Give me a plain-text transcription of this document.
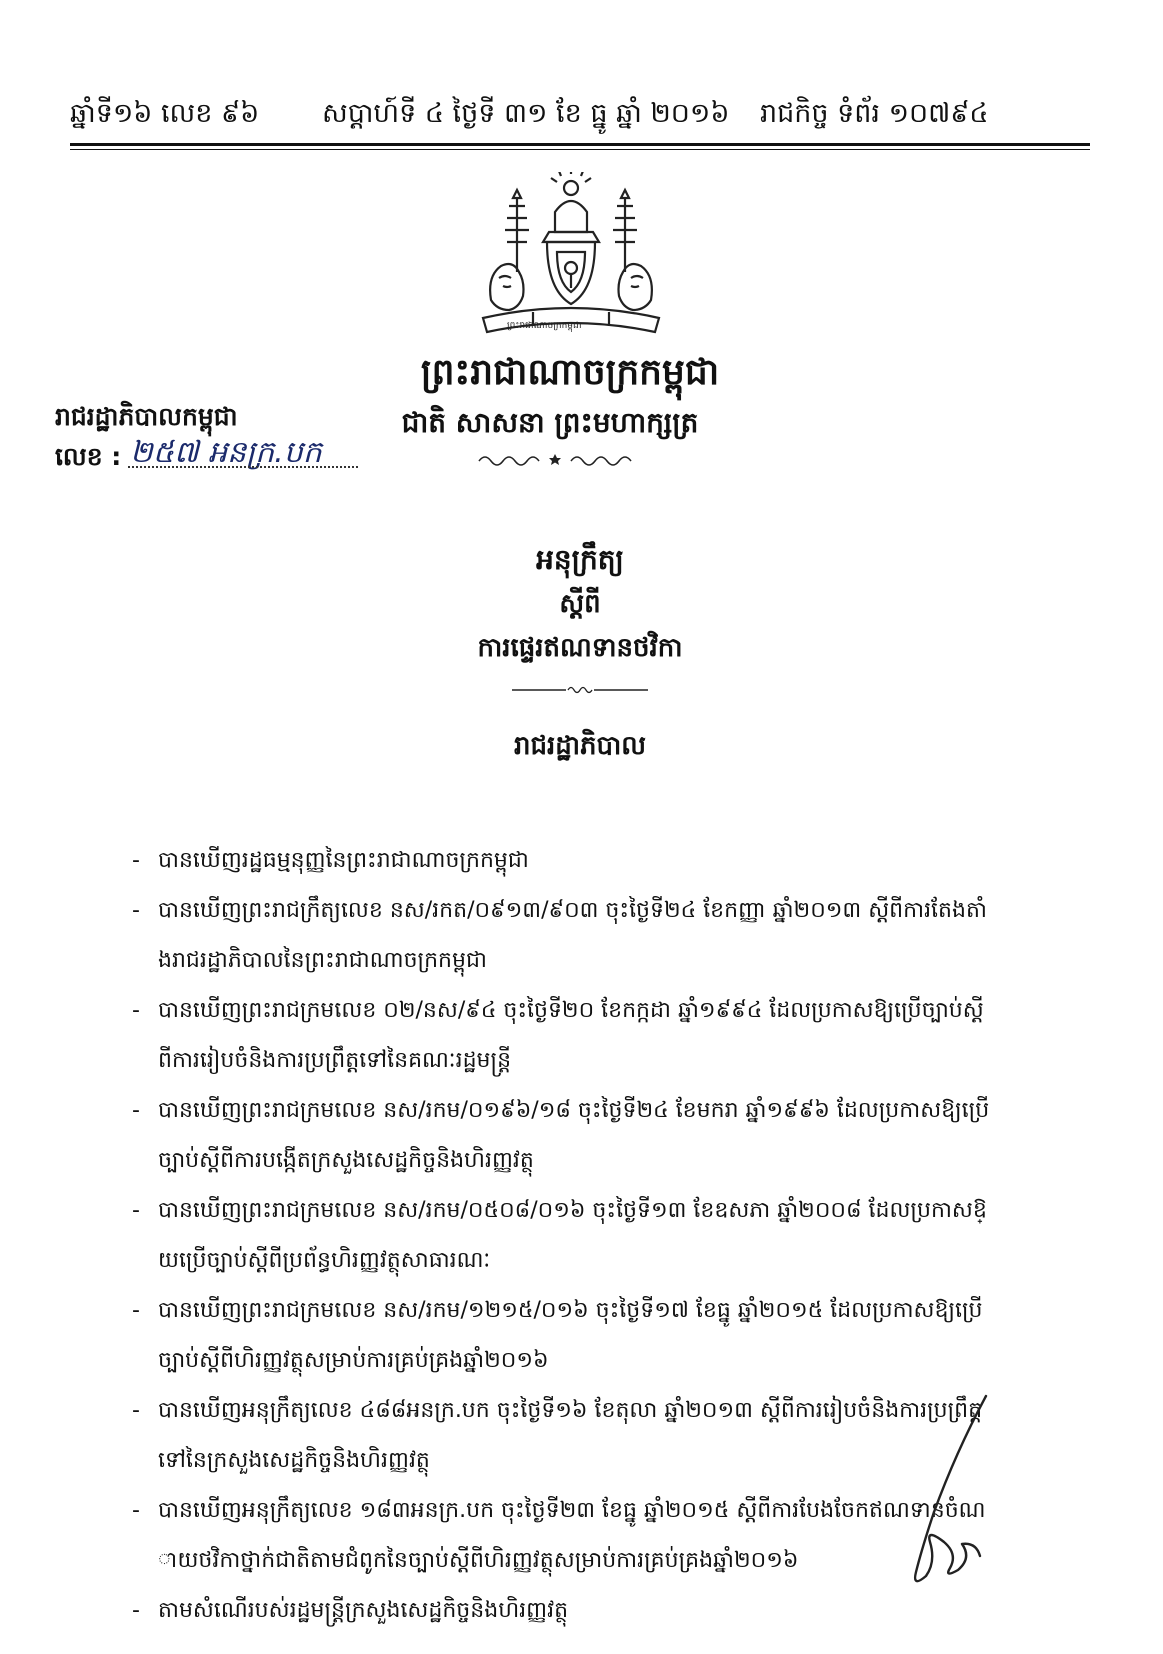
ឆ្នាំទី១៦ លេខ ៩៦ សប្តាហ៍ទី ៤ ថ្ងៃទី ៣១ ខែ ធ្នូ ឆ្នាំ ២០១៦ រាជកិច្ច ទំព័រ ១០៧៩៤
ព្រះរាជាណាចក្រកម្ពុជា
ព្រះរាជាណាចក្រកម្ពុជា
ជាតិ សាសនា ព្រះមហាក្សត្រ
រាជរដ្ឋាភិបាលកម្ពុជា
លេខ : ២៥៧ អនក្រ.បក
អនុក្រឹត្យ
ស្តីពី
ការផ្ទេរឥណទានថវិកា
រាជរដ្ឋាភិបាល
- បានឃើញរដ្ឋធម្មនុញ្ញនៃព្រះរាជាណាចក្រកម្ពុជា
- បានឃើញព្រះរាជក្រឹត្យលេខ នស/រកត/០៩១៣/៩០៣ ចុះថ្ងៃទី២៤ ខែកញ្ញា ឆ្នាំ២០១៣ ស្តីពីការតែងតាំងរាជរដ្ឋាភិបាលនៃព្រះរាជាណាចក្រកម្ពុជា
- បានឃើញព្រះរាជក្រមលេខ ០២/នស/៩៤ ចុះថ្ងៃទី២០ ខែកក្កដា ឆ្នាំ១៩៩៤ ដែលប្រកាសឱ្យប្រើច្បាប់ស្តីពីការរៀបចំនិងការប្រព្រឹត្តទៅនៃគណៈរដ្ឋមន្ត្រី
- បានឃើញព្រះរាជក្រមលេខ នស/រកម/០១៩៦/១៨ ចុះថ្ងៃទី២៤ ខែមករា ឆ្នាំ១៩៩៦ ដែលប្រកាសឱ្យប្រើច្បាប់ស្តីពីការបង្កើតក្រសួងសេដ្ឋកិច្ចនិងហិរញ្ញវត្ថុ
- បានឃើញព្រះរាជក្រមលេខ នស/រកម/០៥០៨/០១៦ ចុះថ្ងៃទី១៣ ខែឧសភា ឆ្នាំ២០០៨ ដែលប្រកាសឱ្យប្រើច្បាប់ស្តីពីប្រព័ន្ធហិរញ្ញវត្ថុសាធារណៈ
- បានឃើញព្រះរាជក្រមលេខ នស/រកម/១២១៥/០១៦ ចុះថ្ងៃទី១៧ ខែធ្នូ ឆ្នាំ២០១៥ ដែលប្រកាសឱ្យប្រើច្បាប់ស្តីពីហិរញ្ញវត្ថុសម្រាប់ការគ្រប់គ្រងឆ្នាំ២០១៦
- បានឃើញអនុក្រឹត្យលេខ ៤៨៨អនក្រ.បក ចុះថ្ងៃទី១៦ ខែតុលា ឆ្នាំ២០១៣ ស្តីពីការរៀបចំនិងការប្រព្រឹត្តទៅនៃក្រសួងសេដ្ឋកិច្ចនិងហិរញ្ញវត្ថុ
- បានឃើញអនុក្រឹត្យលេខ ១៨៣អនក្រ.បក ចុះថ្ងៃទី២៣ ខែធ្នូ ឆ្នាំ២០១៥ ស្តីពីការបែងចែកឥណទានចំណាយថវិកាថ្នាក់ជាតិតាមជំពូកនៃច្បាប់ស្តីពីហិរញ្ញវត្ថុសម្រាប់ការគ្រប់គ្រងឆ្នាំ២០១៦
- តាមសំណើរបស់រដ្ឋមន្ត្រីក្រសួងសេដ្ឋកិច្ចនិងហិរញ្ញវត្ថុ
